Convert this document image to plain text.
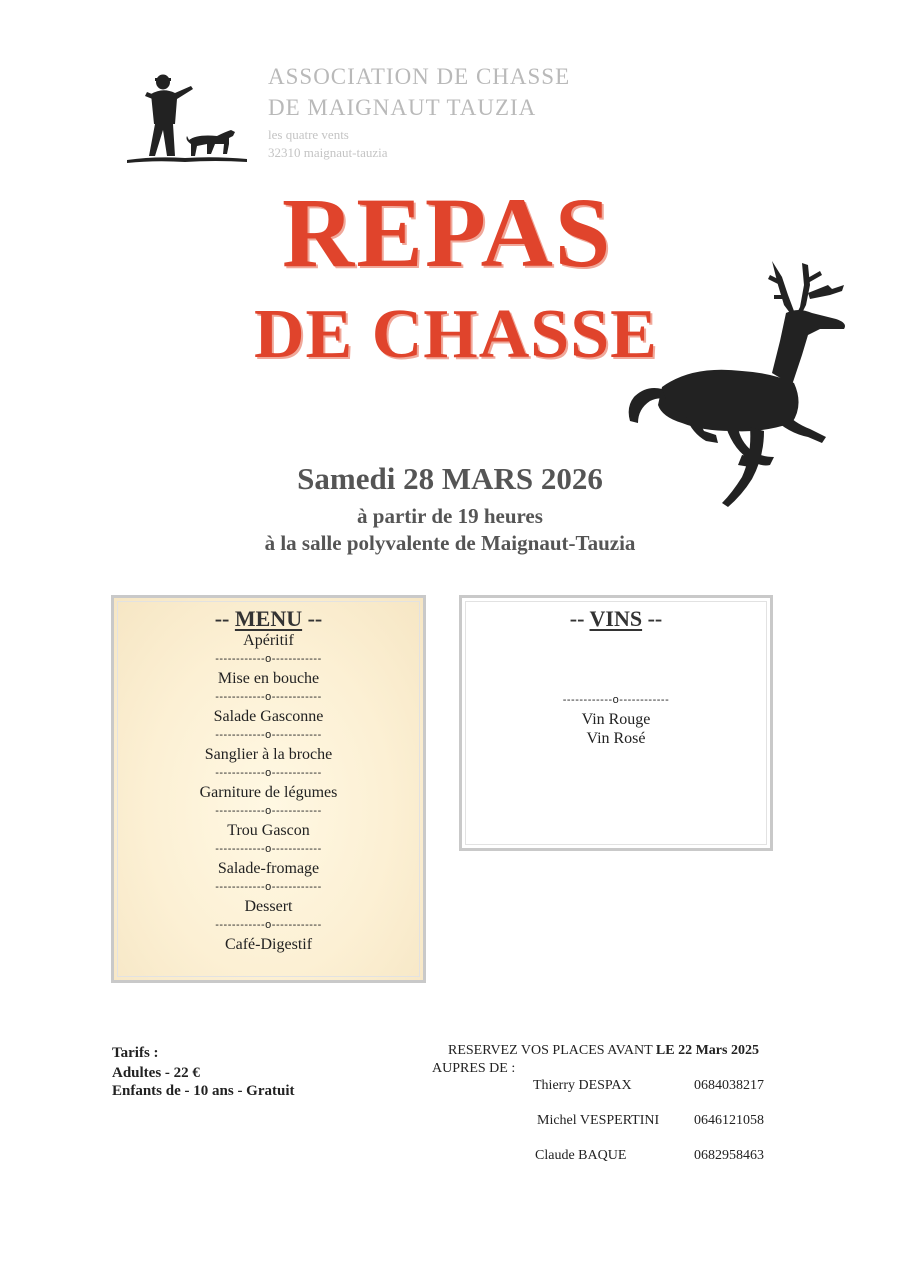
ASSOCIATION DE CHASSE
DE MAIGNAUT TAUZIA
les quatre vents
32310 maignaut-tauzia
REPAS
DE CHASSE
Samedi 28 MARS 2026
à partir de 19 heures
à la salle polyvalente de Maignaut-Tauzia
-- MENU --
Apéritif
------------o------------
Mise en bouche
------------o------------
Salade Gasconne
------------o------------
Sanglier à la broche
------------o------------
Garniture de légumes
------------o------------
Trou Gascon
------------o------------
Salade-fromage
------------o------------
Dessert
------------o------------
Café-Digestif
-- VINS --
------------o------------
Vin Rouge
Vin Rosé
Tarifs :
Adultes - 22 €
Enfants de - 10 ans - Gratuit
RESERVEZ VOS PLACES AVANT LE 22 Mars 2025
AUPRES DE :
Thierry DESPAX	0684038217
Michel VESPERTINI 0646121058
Claude BAQUE	0682958463
